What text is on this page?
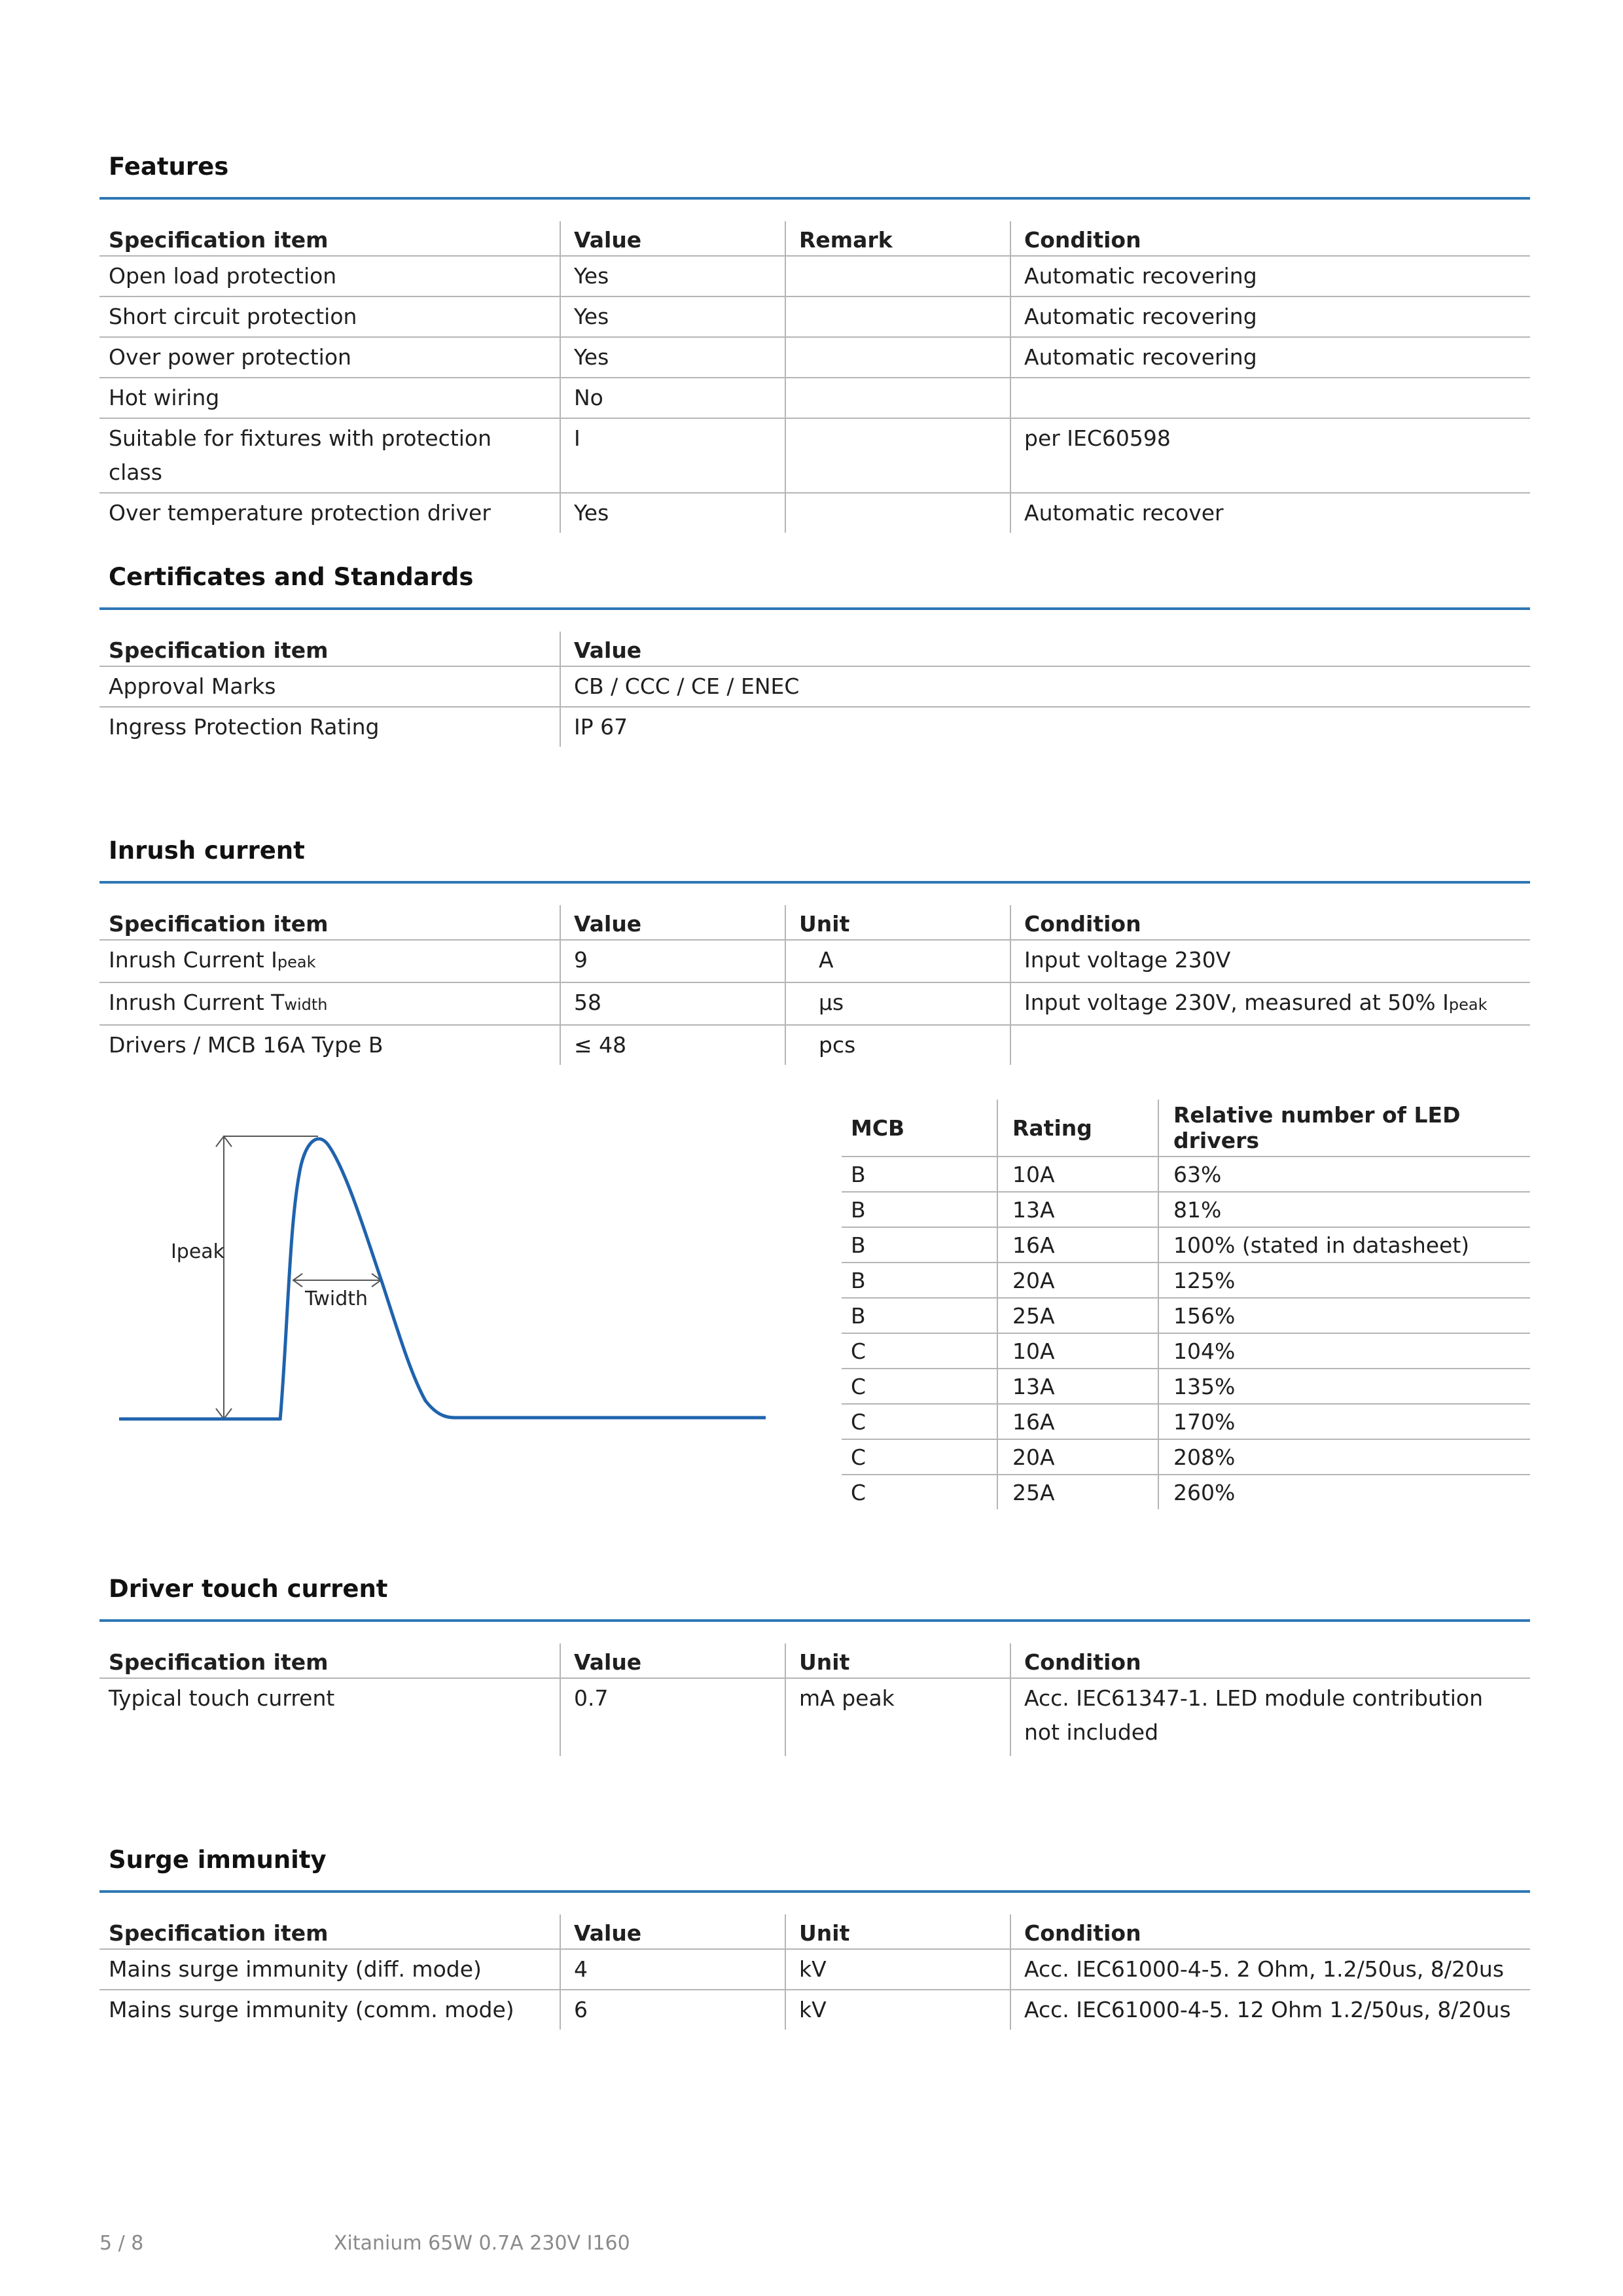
Features
Specification item	Value	Remark	Condition
Open load protection	Yes		Automatic recovering
Short circuit protection	Yes		Automatic recovering
Over power protection	Yes		Automatic recovering
Hot wiring	No		
Suitable for fixtures with protection class	I		per IEC60598
Over temperature protection driver	Yes		Automatic recover
Certificates and Standards
Specification item	Value
Approval Marks	CB / CCC / CE / ENEC
Ingress Protection Rating	IP 67
Inrush current
Specification item	Value	Unit	Condition
Inrush Current Ipeak	9	A	Input voltage 230V
Inrush Current Twidth	58	μs	Input voltage 230V, measured at 50% Ipeak
Drivers / MCB 16A Type B	≤ 48	pcs	
Ipeak
Twidth
MCB	Rating	Relative number of LED drivers
B	10A	63%
B	13A	81%
B	16A	100% (stated in datasheet)
B	20A	125%
B	25A	156%
C	10A	104%
C	13A	135%
C	16A	170%
C	20A	208%
C	25A	260%
Driver touch current
Specification item	Value	Unit	Condition
Typical touch current	0.7	mA peak	Acc. IEC61347-1. LED module contribution not included
Surge immunity
Specification item	Value	Unit	Condition
Mains surge immunity (diff. mode)	4	kV	Acc. IEC61000-4-5. 2 Ohm, 1.2/50us, 8/20us
Mains surge immunity (comm. mode)	6	kV	Acc. IEC61000-4-5. 12 Ohm 1.2/50us, 8/20us
5 / 8	Xitanium 65W 0.7A 230V I160
